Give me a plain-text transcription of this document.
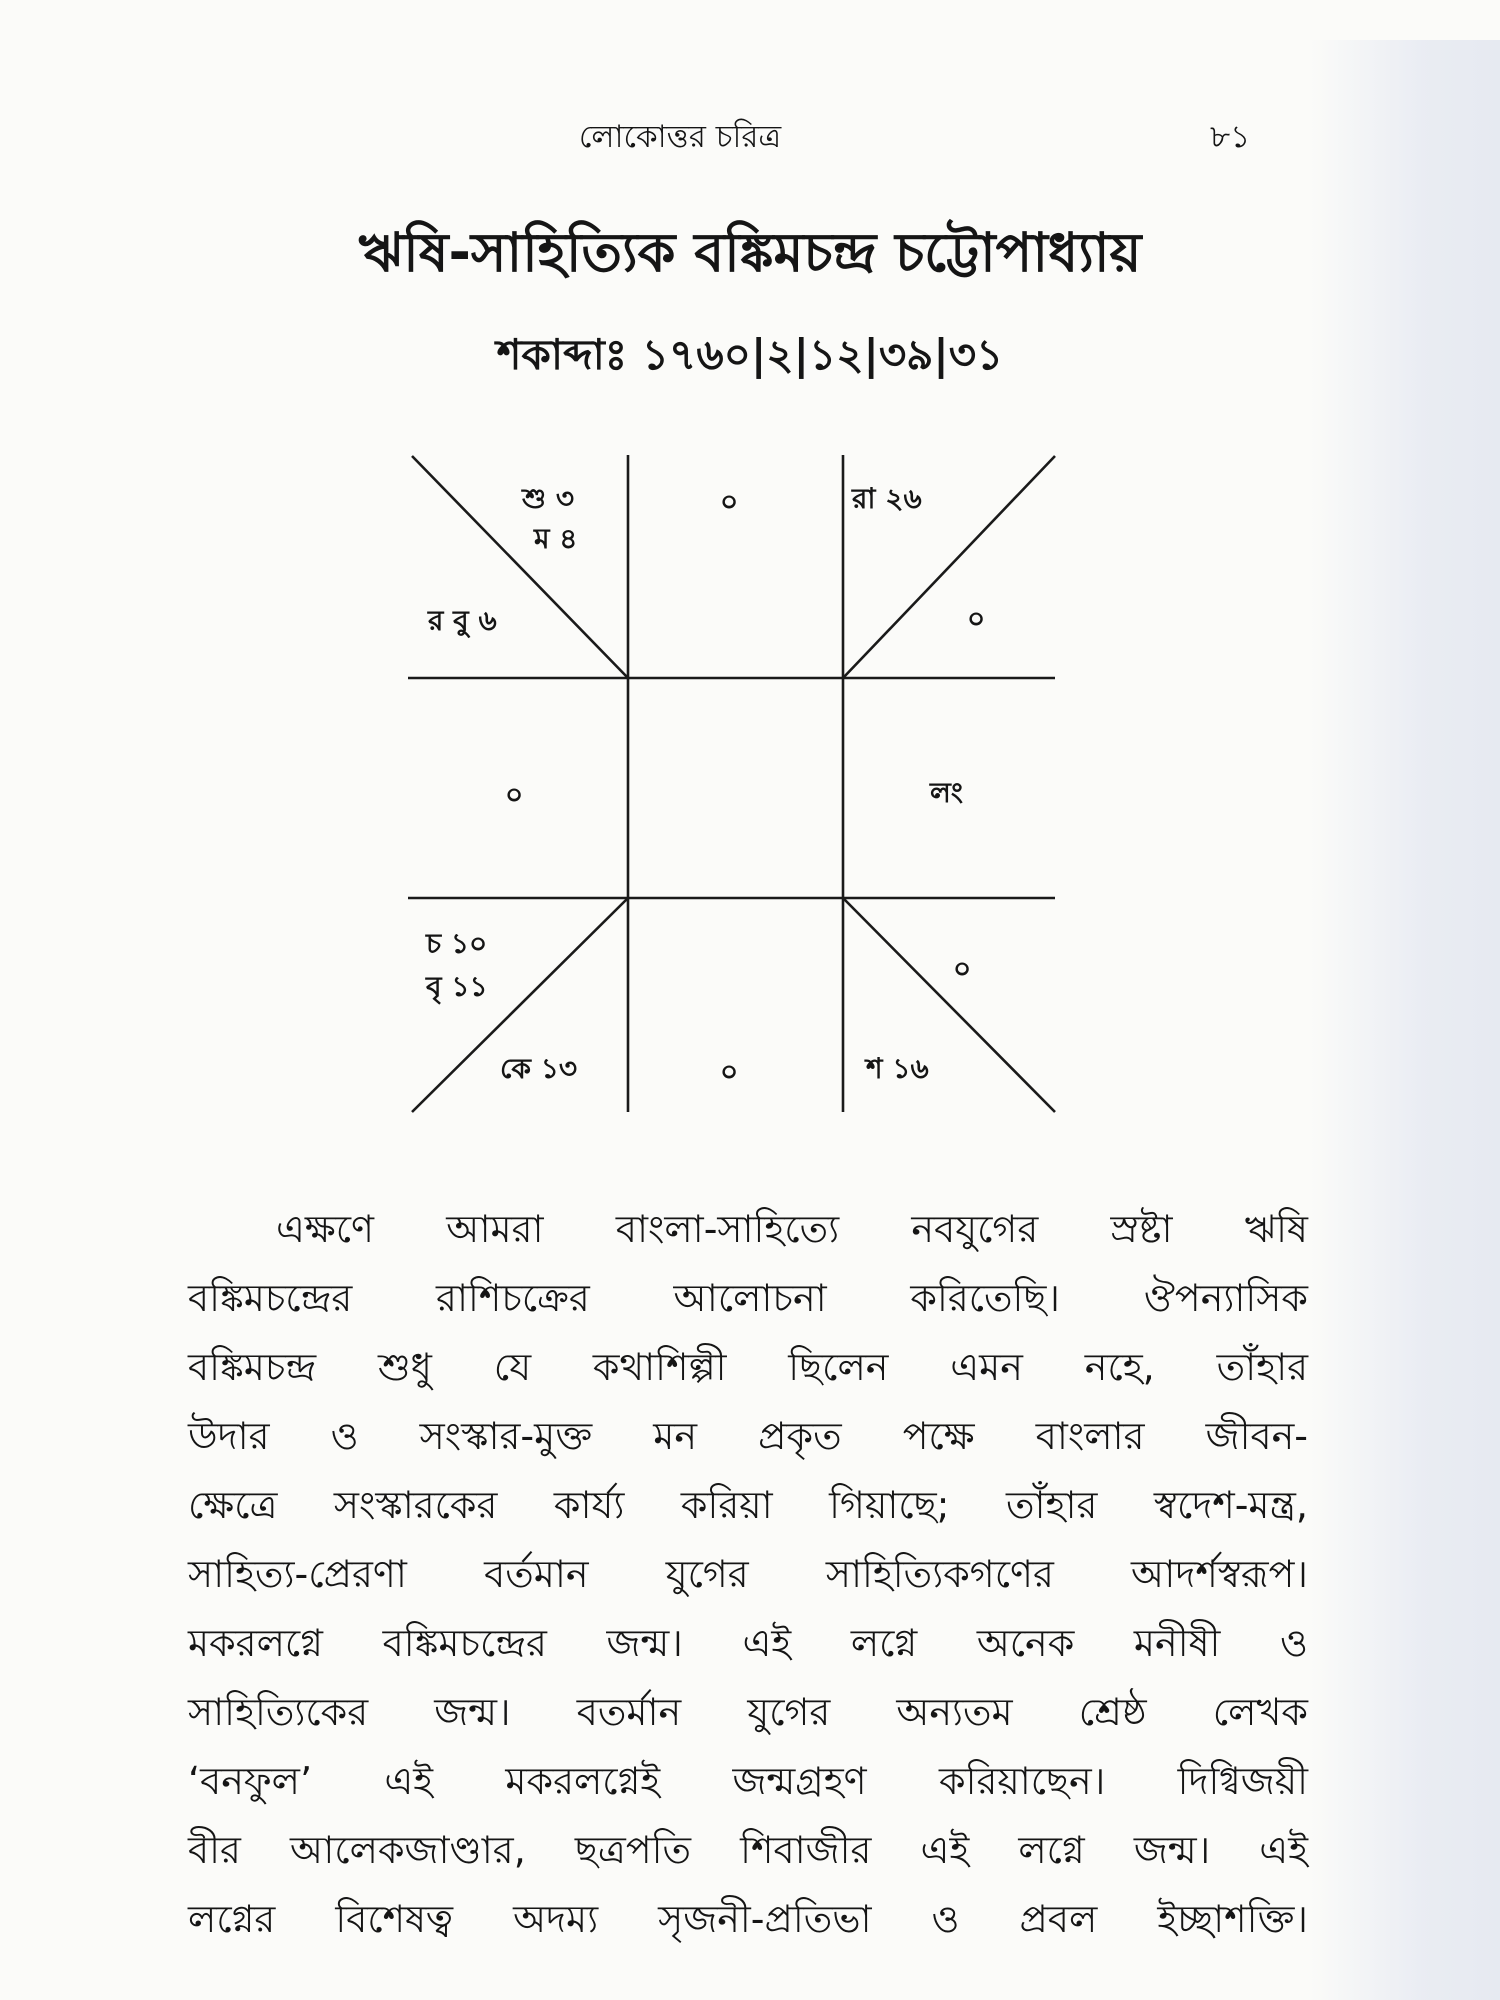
লোকোত্তর চরিত্র	৮১
ঋষি-সাহিত্যিক বঙ্কিমচন্দ্র চট্টোপাধ্যায়
শকাব্দাঃ ১৭৬০|২|১২|৩৯|৩১
শু ৩
ম ৪
র বু ৬
০	রা ২৬
০
০	লং
চ ১০
বৃ ১১
কে ১৩	০
০
শ ১৬
এক্ষণে আমরা বাংলা-সাহিত্যে নবযুগের স্রষ্টা ঋষি
বঙ্কিমচন্দ্রের রাশিচক্রের আলোচনা করিতেছি। ঔপন্যাসিক
বঙ্কিমচন্দ্র শুধু যে কথাশিল্পী ছিলেন এমন নহে, তাঁহার
উদার ও সংস্কার-মুক্ত মন প্রকৃত পক্ষে বাংলার জীবন-
ক্ষেত্রে সংস্কারকের কার্য্য করিয়া গিয়াছে; তাঁহার স্বদেশ-মন্ত্র,
সাহিত্য-প্রেরণা বর্তমান যুগের সাহিত্যিকগণের আদর্শস্বরূপ।
মকরলগ্নে বঙ্কিমচন্দ্রের জন্ম। এই লগ্নে অনেক মনীষী ও
সাহিত্যিকের জন্ম। বতর্মান যুগের অন্যতম শ্রেষ্ঠ লেখক
‘বনফুল’ এই মকরলগ্নেই জন্মগ্রহণ করিয়াছেন। দিগ্বিজয়ী
বীর আলেকজাণ্ডার, ছত্রপতি শিবাজীর এই লগ্নে জন্ম। এই
লগ্নের বিশেষত্ব অদম্য সৃজনী-প্রতিভা ও প্রবল ইচ্ছাশক্তি।
